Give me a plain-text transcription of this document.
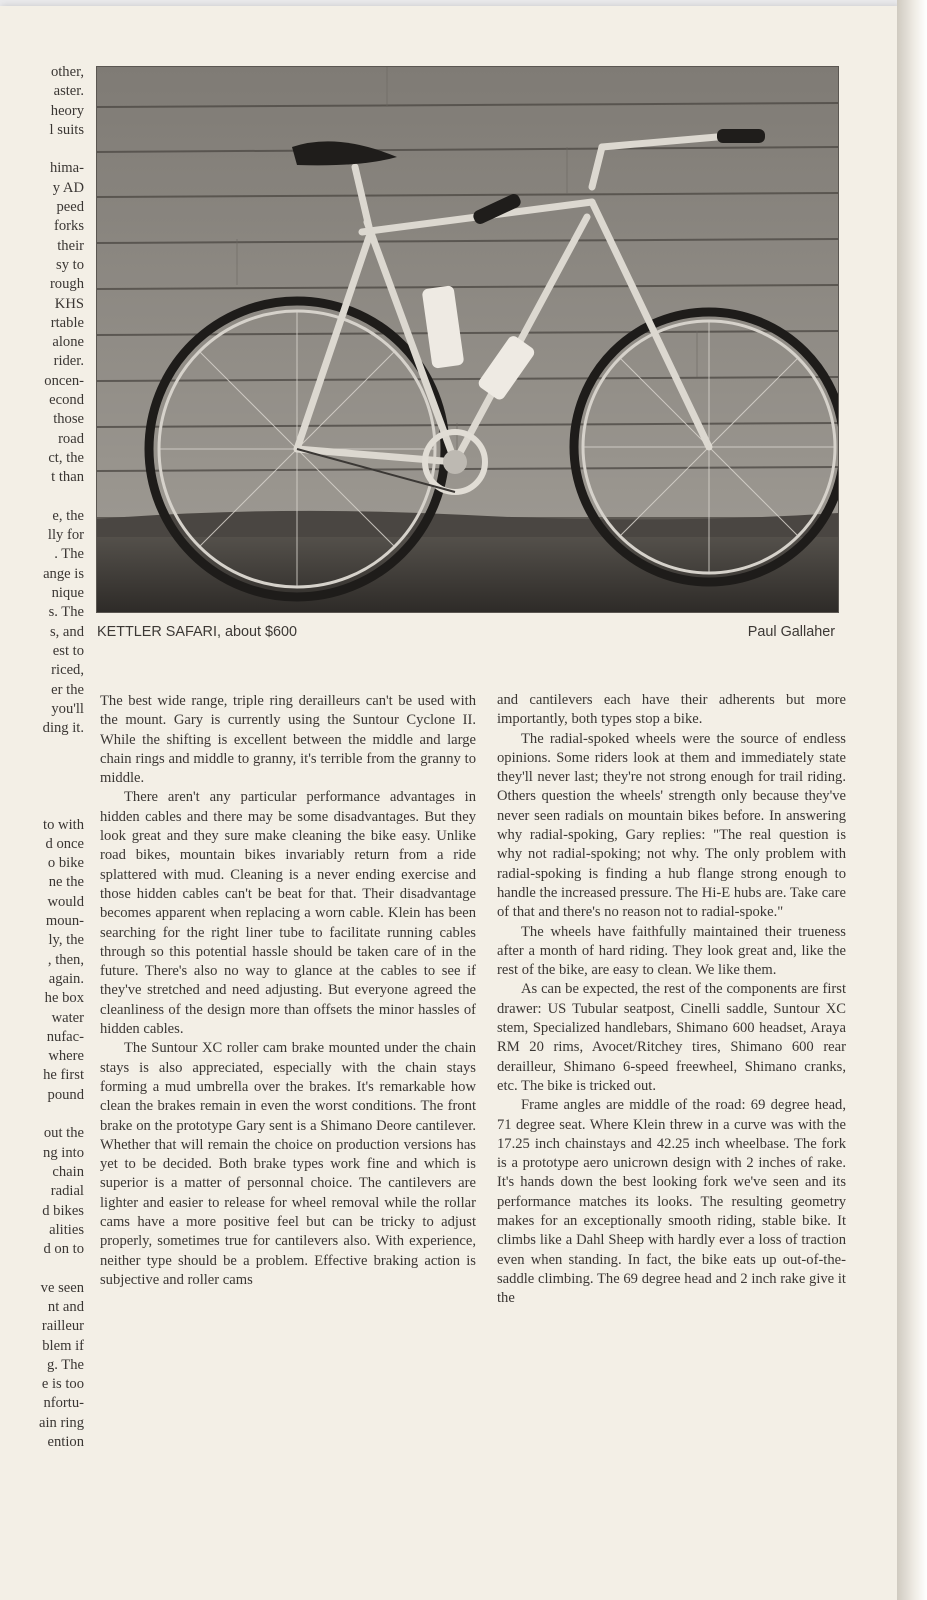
other,
aster.
heory
l suits
hima-
y AD
peed
forks
their
sy to
rough
KHS
rtable
alone
rider.
oncen-
econd
those
road
ct, the
t than
e, the
lly for
. The
ange is
nique
s. The
s, and
est to
riced,
er the
you'll
ding it.
to with
d once
o bike
ne the
would
moun-
ly, the
, then,
again.
he box
water
nufac-
where
he first
pound
out the
ng into
chain
radial
d bikes
alities
d on to
ve seen
nt and
railleur
blem if
g. The
e is too
nfortu-
ain ring
ention
KETTLER SAFARI, about $600	Paul Gallaher

The best wide range, triple ring derailleurs can't be used with the mount. Gary is currently using the Suntour Cyclone II. While the shifting is excellent between the middle and large chain rings and middle to granny, it's terrible from the granny to middle.

There aren't any particular performance advantages in hidden cables and there may be some disadvantages. But they look great and they sure make cleaning the bike easy. Unlike road bikes, mountain bikes invariably return from a ride splattered with mud. Cleaning is a never ending exercise and those hidden cables can't be beat for that. Their disadvantage becomes apparent when replacing a worn cable. Klein has been searching for the right liner tube to facilitate running cables through so this potential hassle should be taken care of in the future. There's also no way to glance at the cables to see if they've stretched and need adjusting. But everyone agreed the cleanliness of the design more than offsets the minor hassles of hidden cables.

The Suntour XC roller cam brake mounted under the chain stays is also appreciated, especially with the chain stays forming a mud umbrella over the brakes. It's remarkable how clean the brakes remain in even the worst conditions. The front brake on the prototype Gary sent is a Shimano Deore cantilever. Whether that will remain the choice on production versions has yet to be decided. Both brake types work fine and which is superior is a matter of personnal choice. The cantilevers are lighter and easier to release for wheel removal while the rollar cams have a more positive feel but can be tricky to adjust properly, sometimes true for cantilevers also. With experience, neither type should be a problem. Effective braking action is subjective and roller cams

and cantilevers each have their adherents but more importantly, both types stop a bike.

The radial-spoked wheels were the source of endless opinions. Some riders look at them and immediately state they'll never last; they're not strong enough for trail riding. Others question the wheels' strength only because they've never seen radials on mountain bikes before. In answering why radial-spoking, Gary replies: "The real question is why not radial-spoking; not why. The only problem with radial-spoking is finding a hub flange strong enough to handle the increased pressure. The Hi-E hubs are. Take care of that and there's no reason not to radial-spoke."

The wheels have faithfully maintained their trueness after a month of hard riding. They look great and, like the rest of the bike, are easy to clean. We like them.

As can be expected, the rest of the components are first drawer: US Tubular seatpost, Cinelli saddle, Suntour XC stem, Specialized handlebars, Shimano 600 headset, Araya RM 20 rims, Avocet/Ritchey tires, Shimano 600 rear derailleur, Shimano 6-speed freewheel, Shimano cranks, etc. The bike is tricked out.

Frame angles are middle of the road: 69 degree head, 71 degree seat. Where Klein threw in a curve was with the 17.25 inch chainstays and 42.25 inch wheelbase. The fork is a prototype aero unicrown design with 2 inches of rake. It's hands down the best looking fork we've seen and its performance matches its looks. The resulting geometry makes for an exceptionally smooth riding, stable bike. It climbs like a Dahl Sheep with hardly ever a loss of traction even when standing. In fact, the bike eats up out-of-the-saddle climbing. The 69 degree head and 2 inch rake give it the
